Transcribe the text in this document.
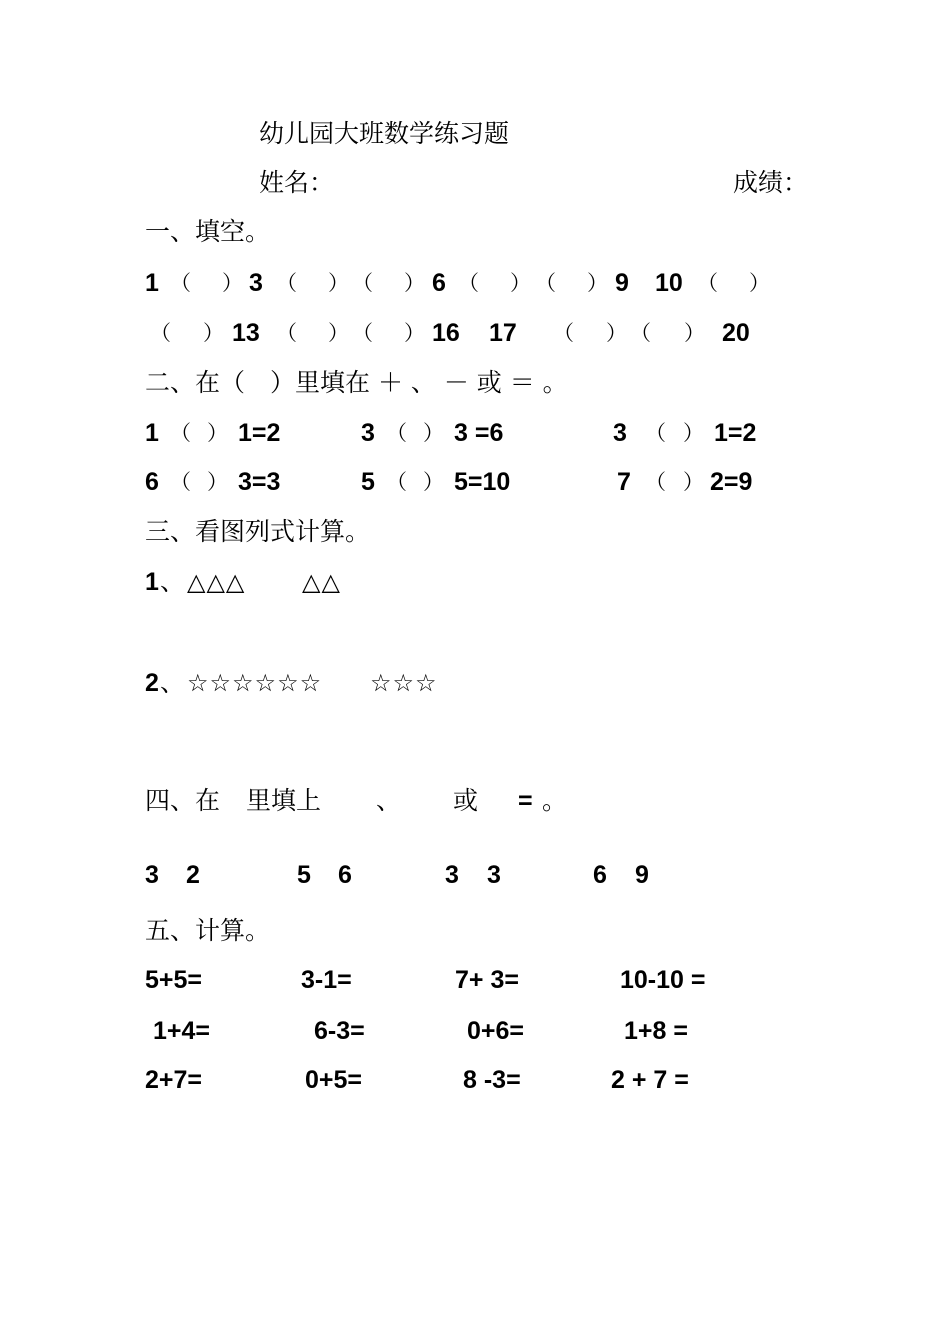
幼儿园大班数学练习题
姓名：	成绩：
一、填空。
1 （ ） 3 （ ） （ ） 6 （ ） （ ） 9 10 （ ）
（ ） 13 （ ） （ ） 16 17 （ ） （ ） 20
二、在（　）里填在 ＋ 、 － 或 ＝ 。
1 （ ） 1=2	3 （ ） 3 =6	3 （ ） 1=2
6 （ ） 3=3	5 （ ） 5=10	7 （ ） 2=9
三、看图列式计算。
1 、 △△△ △△
2 、 ☆☆☆☆☆☆ ☆☆☆
四、在 里填上 、 或 = 。
3 2	5 6	3 3	6 9
五、计算。
5+5=	3-1=	7+ 3=	10-10 =
1+4=	6-3=	0+6=	1+8 =
2+7=	0+5=	8 -3=	2 + 7 =
